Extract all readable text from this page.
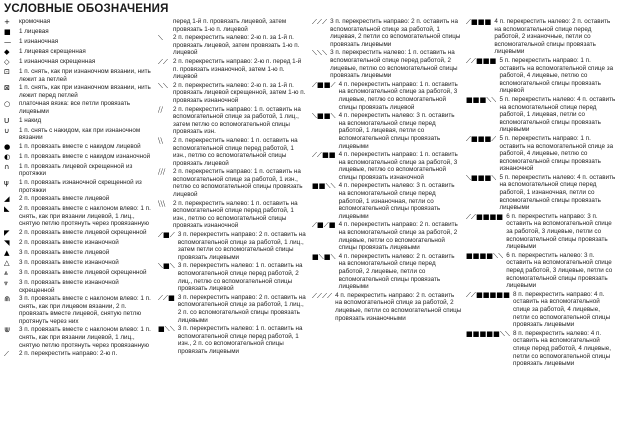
УСЛОВНЫЕ ОБОЗНАЧЕНИЯ
+	кромочная
■	1 лицевая
—	1 изнаночная
◆	1 лицевая скрещенная
◇	1 изнаночная скрещенная
⊡	1 п. снять, как при изнаночном вязании, нить лежит за петлей
⊠	1 п. снять, как при изнаночном вязании, нить лежит перед петлей
○	платочная вязка: все петли провязать лицевыми
U	1 накид
∪	1 п. снять с накидом, как при изнаночном вязании
●	1 п. провязать вместе с накидом лицевой
◐	1 п. провязать вместе с накидом изнаночной
∩	1 п. провязать лицевой скрещенной из протяжки
ψ	1 п. провязать изнаночной скрещенной из протяжки
◢	2 п. провязать вместе лицевой
◣	2 п. провязать вместе с наклоном влево: 1 п. снять, как при вязании лицевой, 1 лиц., снятую петлю протянуть через провязанную
◤	2 п. провязать вместе лицевой скрещенной
◥	2 п. провязать вместе изнаночной
▲	3 п. провязать вместе лицевой
△	3 п. провязать вместе изнаночной
⩓	3 п. провязать вместе лицевой скрещенной
⩔	3 п. провязать вместе изнаночной скрещенной
⋒	3 п. провязать вместе с наклоном влево: 1 п. снять, как при лицевом вязании, 2 п. провязать вместе лицевой, снятую петлю протянуть через них
⋓	3 п. провязать вместе с наклоном влево: 1 п. снять, как при вязании лицевой, 1 лиц., снятую петлю протянуть через провязанную
⟋	2 п. перекрестить направо: 2-ю п.
перед 1-й п. провязать лицевой, затем провязать 1-ю п. лицевой
⟍	2 п. перекрестить налево: 2-ю п. за 1-й п. провязать лицевой, затем провязать 1-ю п. лицевой
⟋⟋ 2 п. перекрестить направо: 2-ю п. перед 1-й п. провязать изнаночной, затем 1-ю п. лицевой
⟍⟍ 2 п. перекрестить налево: 2-ю п. за 1-й п. провязать лицевой скрещенной, затем 1-ю п. провязать изнаночной
⧸⧸	2 п. перекрестить направо: 1 п. оставить на вспомогательной спице за работой, 1 лиц., затем петлю со вспомогательной спицы провязать изн.
⧹⧹	2 п. перекрестить налево: 1 п. оставить на вспомогательной спице перед работой, 1 изн., петлю со вспомогательной спицы провязать лицевой
⧸⧸⧸	2 п. перекрестить направо: 1 п. оставить на вспомогательной спице за работой, 1 изн., петлю со вспомогательной спицы провязать лицевой
⧹⧹⧹	2 п. перекрестить налево: 1 п. оставить на вспомогательной спице перед работой, 1 изн., петлю со вспомогательной спицы провязать изнаночной
⟋■⟋ 3 п. перекрестить направо: 2 п. оставить на вспомогательной спице за работой, 1 лиц., затем петли со вспомогательной спицы провязать лицевыми
⟍■⟍ 3 п. перекрестить налево: 1 п. оставить на вспомогательной спице перед работой, 2 лиц., петлю со вспомогательной спицы провязать лицевой
⟋⟋■ 3 п. перекрестить направо: 2 п. оставить на вспомогательной спице за работой, 1 лиц., 2 п. со вспомогательной спицы провязать лицевыми
■⟍⟍ 3 п. перекрестить налево: 1 п. оставить на вспомогательной спице перед работой, 1 изн., 2 п. со вспомогательной спицы провязать лицевыми
⟋⟋⟋ 3 п. перекрестить направо: 2 п. оставить на вспомогательной спице за работой, 1 лицевая, 2 петли со вспомогательной спицы провязать лицевыми
⟍⟍⟍ 3 п. перекрестить налево: 1 п. оставить на вспомогательной спице перед работой, 2 лицевые, петлю со вспомогательной спицы провязать лицевыми
⟋■■⟋ 4 п. перекрестить направо: 1 п. оставить на вспомогательной спице за работой, 3 лицевые, петлю со вспомогательной спицы провязать лицевой
⟍■■⟍ 4 п. перекрестить налево: 3 п. оставить на вспомогательной спице перед работой, 1 лицевая, петли со вспомогательной спицы провязать лицевыми
⟋⟋■■ 4 п. перекрестить направо: 1 п. оставить на вспомогательной спице за работой, 3 лицевые, петлю со вспомогательной спицы провязать изнаночной
■■⟍⟍ 4 п. перекрестить налево: 3 п. оставить на вспомогательной спице перед работой, 1 изнаночная, петли со вспомогательной спицы провязать лицевыми
⟋■⟋■ 4 п. перекрестить направо: 2 п. оставить на вспомогательной спице за работой, 2 лицевые, петли со вспомогательной спицы провязать лицевыми
■⟍■⟍ 4 п. перекрестить налево: 2 п. оставить на вспомогательной спице перед работой, 2 лицевые, петли со вспомогательной спицы провязать лицевыми
⟋⟋⟋⟋ 4 п. перекрестить направо: 2 п. оставить на вспомогательной спице за работой, 2 лицевые, петли со вспомогательной спицы провязать изнаночными
⟋■■■ 4 п. перекрестить налево: 2 п. оставить на вспомогательной спице перед работой, 2 изнаночные, петли со вспомогательной спицы провязать лицевыми
⟋⟋■■■ 5 п. перекрестить направо: 1 п. оставить на вспомогательной спице за работой, 4 лицевые, петлю со вспомогательной спицы провязать лицевой
■■■⟍⟍ 5 п. перекрестить налево: 4 п. оставить на вспомогательной спице перед работой, 1 лицевая, петли со вспомогательной спицы провязать лицевыми
⟋■■■⟋ 5 п. перекрестить направо: 1 п. оставить на вспомогательной спице за работой, 4 лицевые, петлю со вспомогательной спицы провязать изнаночной
⟍■■■⟍ 5 п. перекрестить налево: 4 п. оставить на вспомогательной спице перед работой, 1 изнаночная, петли со вспомогательной спицы провязать лицевыми
⟋⟋■■■■ 6 п. перекрестить направо: 3 п. оставить на вспомогательной спице за работой, 3 лицевые, петли со вспомогательной спицы провязать лицевыми
■■■■⟍⟍ 6 п. перекрестить налево: 3 п. оставить на вспомогательной спице перед работой, 3 лицевые, петли со вспомогательной спицы провязать лицевыми
⟋⟋■■■■■ 8 п. перекрестить направо: 4 п. оставить на вспомогательной спице за работой, 4 лицевые, петли со вспомогательной спицы провязать лицевыми
■■■■■⟍⟍ 8 п. перекрестить налево: 4 п. оставить на вспомогательной спице перед работой, 4 лицевые, петли со вспомогательной спицы провязать лицевыми
